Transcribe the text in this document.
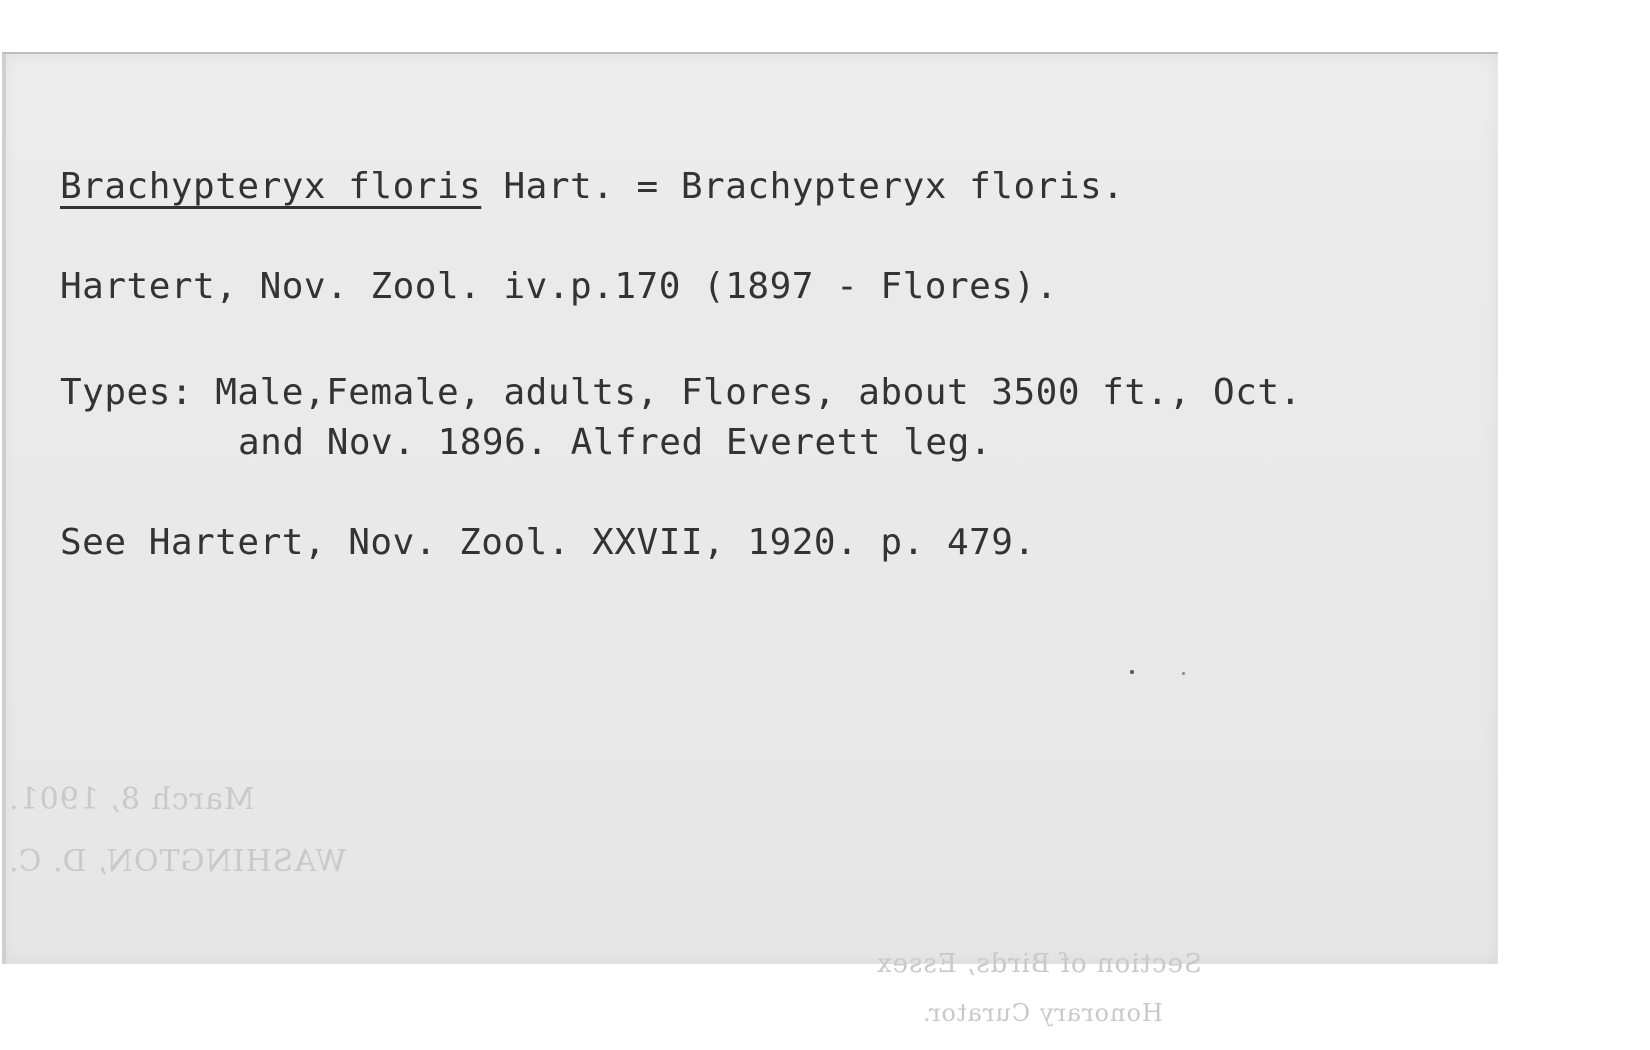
Brachypteryx floris Hart. = Brachypteryx floris.
Hartert, Nov. Zool. iv.p.170 (1897 - Flores).
Types: Male,Female, adults, Flores, about 3500 ft., Oct.
and Nov. 1896. Alfred Everett leg.
See Hartert, Nov. Zool. XXVII, 1920. p. 479.
March 8, 1901.
WASHINGTON, D. C.
Section of Birds, Essex
Honorary Curator.
